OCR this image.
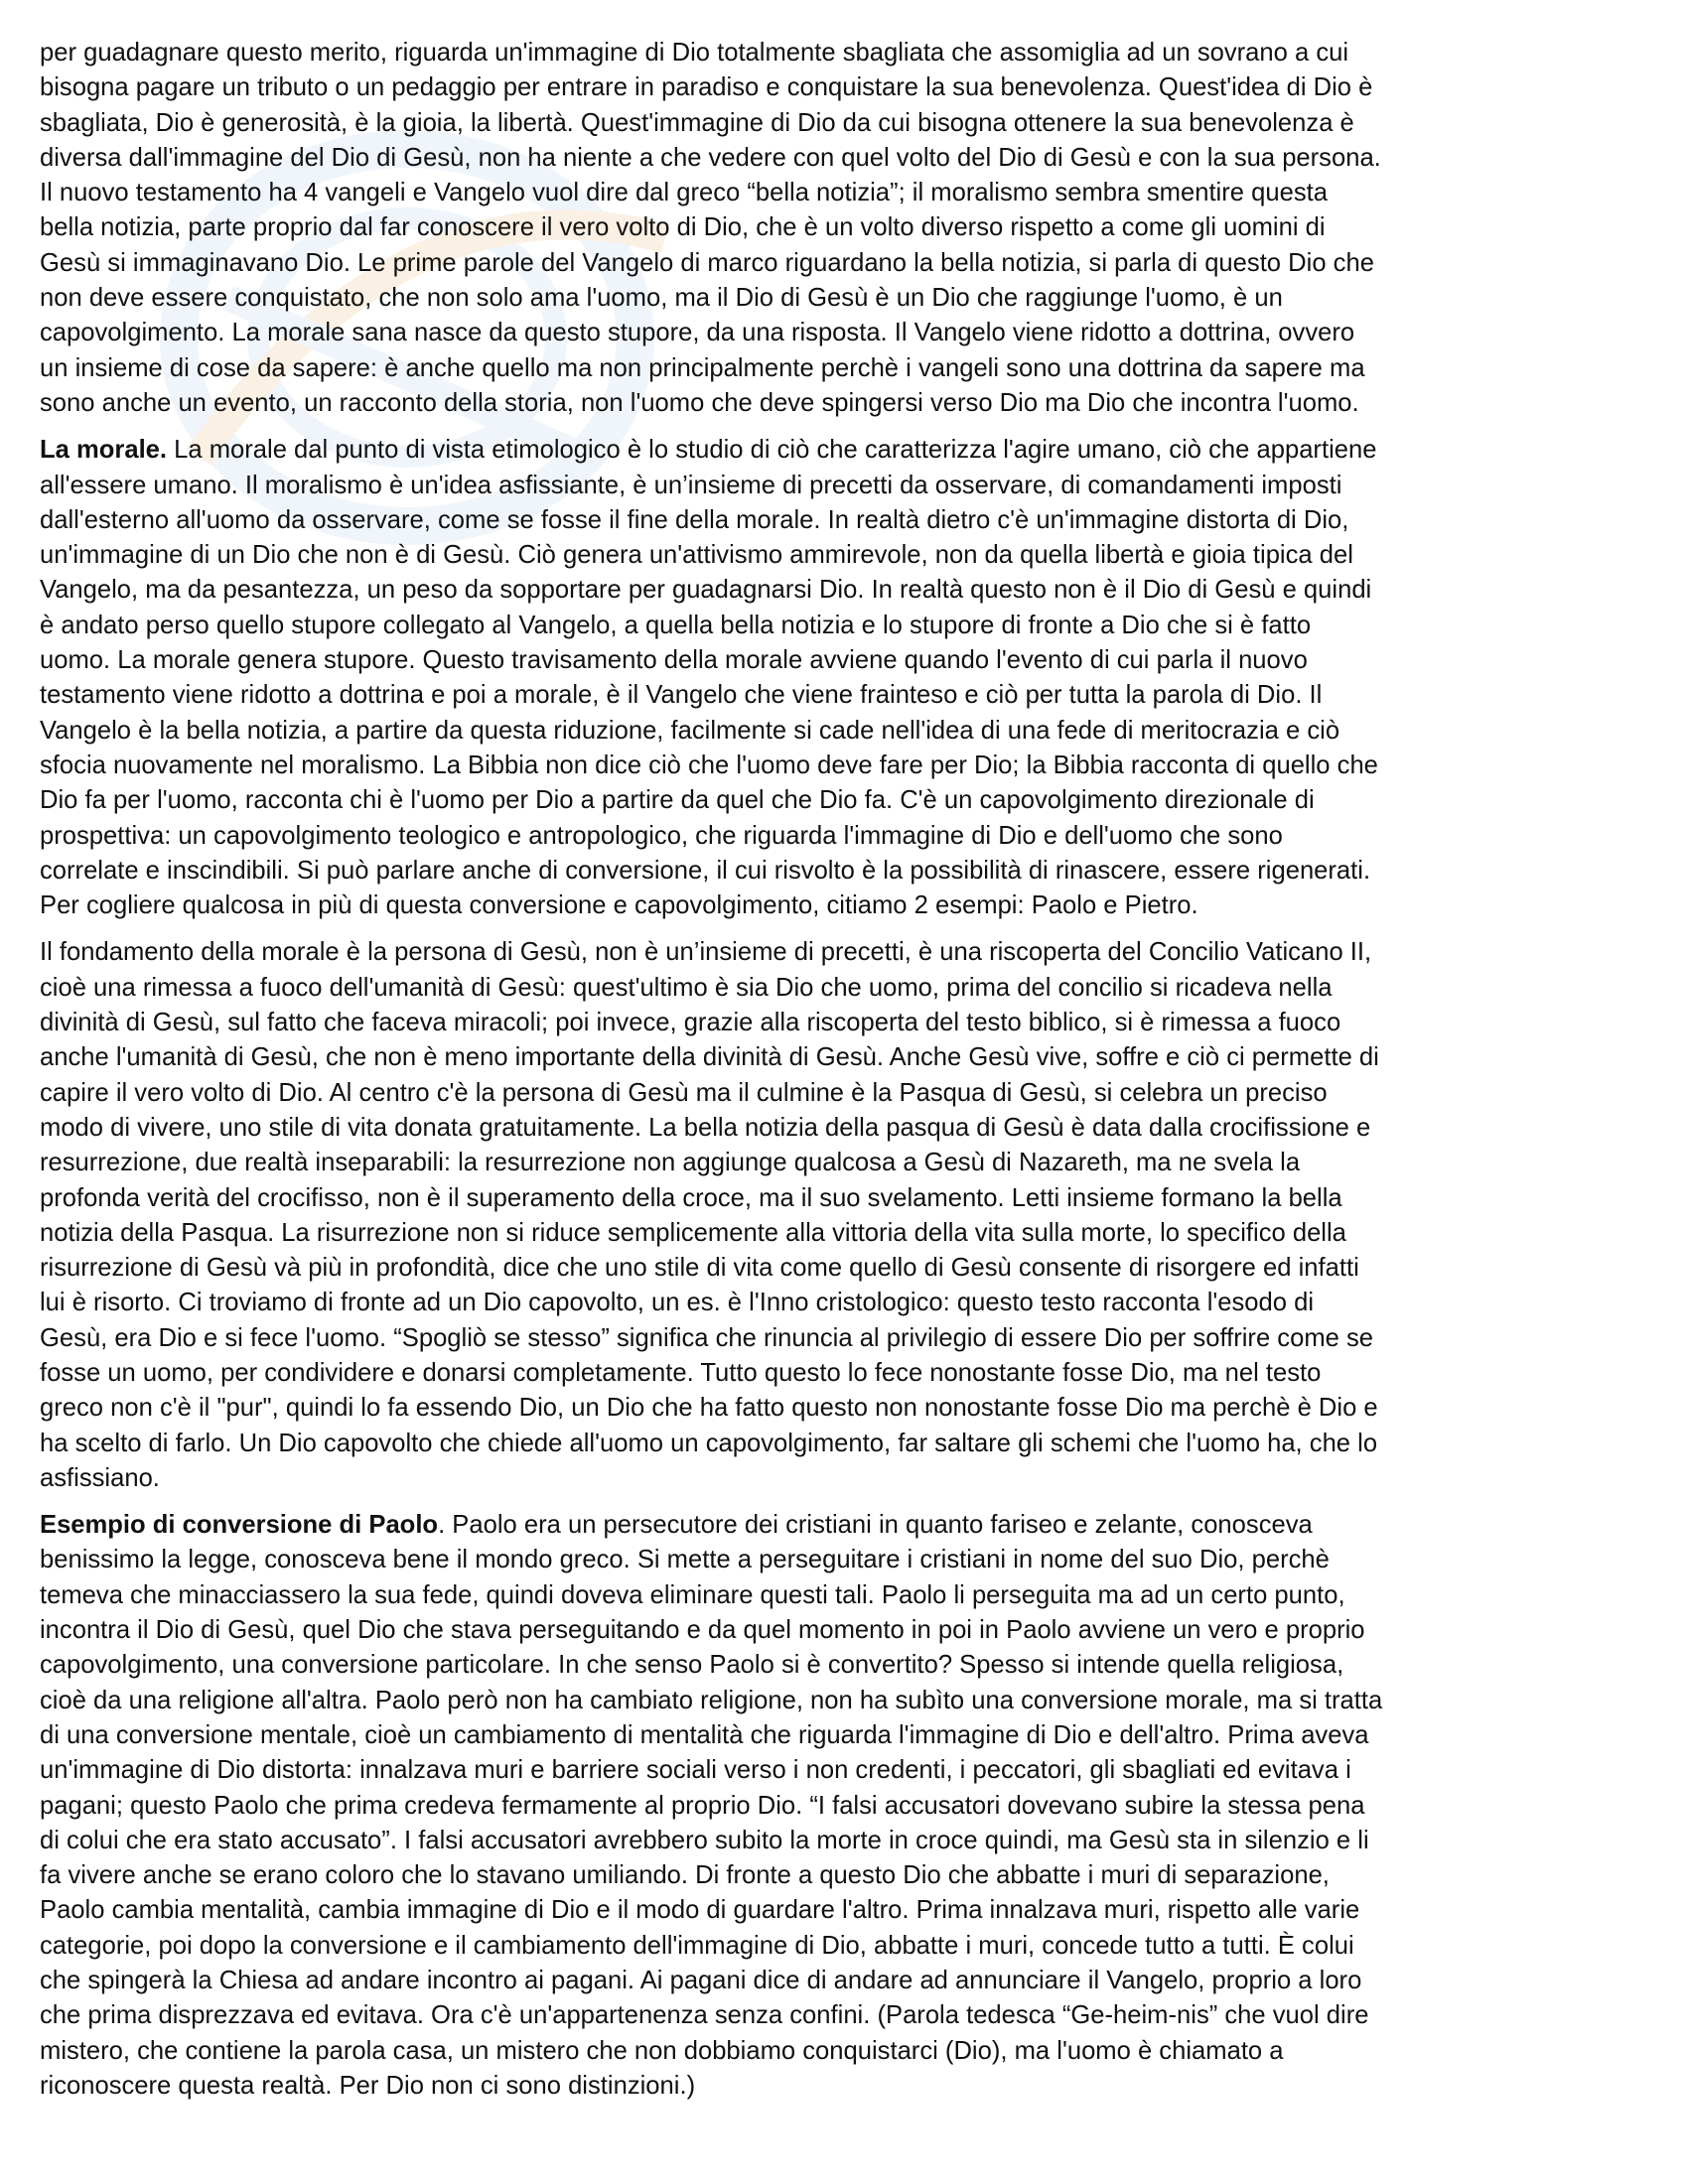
per guadagnare questo merito, riguarda un'immagine di Dio totalmente sbagliata che assomiglia ad un sovrano a cui
bisogna pagare un tributo o un pedaggio per entrare in paradiso e conquistare la sua benevolenza. Quest'idea di Dio è
sbagliata, Dio è generosità, è la gioia, la libertà. Quest'immagine di Dio da cui bisogna ottenere la sua benevolenza è
diversa dall'immagine del Dio di Gesù, non ha niente a che vedere con quel volto del Dio di Gesù e con la sua persona.
Il nuovo testamento ha 4 vangeli e Vangelo vuol dire dal greco “bella notizia”; il moralismo sembra smentire questa
bella notizia, parte proprio dal far conoscere il vero volto di Dio, che è un volto diverso rispetto a come gli uomini di
Gesù si immaginavano Dio. Le prime parole del Vangelo di marco riguardano la bella notizia, si parla di questo Dio che
non deve essere conquistato, che non solo ama l'uomo, ma il Dio di Gesù è un Dio che raggiunge l'uomo, è un
capovolgimento. La morale sana nasce da questo stupore, da una risposta. Il Vangelo viene ridotto a dottrina, ovvero
un insieme di cose da sapere: è anche quello ma non principalmente perchè i vangeli sono una dottrina da sapere ma
sono anche un evento, un racconto della storia, non l'uomo che deve spingersi verso Dio ma Dio che incontra l'uomo.

La morale. La morale dal punto di vista etimologico è lo studio di ciò che caratterizza l'agire umano, ciò che appartiene
all'essere umano. Il moralismo è un'idea asfissiante, è un’insieme di precetti da osservare, di comandamenti imposti
dall'esterno all'uomo da osservare, come se fosse il fine della morale. In realtà dietro c'è un'immagine distorta di Dio,
un'immagine di un Dio che non è di Gesù. Ciò genera un'attivismo ammirevole, non da quella libertà e gioia tipica del
Vangelo, ma da pesantezza, un peso da sopportare per guadagnarsi Dio. In realtà questo non è il Dio di Gesù e quindi
è andato perso quello stupore collegato al Vangelo, a quella bella notizia e lo stupore di fronte a Dio che si è fatto
uomo. La morale genera stupore. Questo travisamento della morale avviene quando l'evento di cui parla il nuovo
testamento viene ridotto a dottrina e poi a morale, è il Vangelo che viene frainteso e ciò per tutta la parola di Dio. Il
Vangelo è la bella notizia, a partire da questa riduzione, facilmente si cade nell'idea di una fede di meritocrazia e ciò
sfocia nuovamente nel moralismo. La Bibbia non dice ciò che l'uomo deve fare per Dio; la Bibbia racconta di quello che
Dio fa per l'uomo, racconta chi è l'uomo per Dio a partire da quel che Dio fa. C'è un capovolgimento direzionale di
prospettiva: un capovolgimento teologico e antropologico, che riguarda l'immagine di Dio e dell'uomo che sono
correlate e inscindibili. Si può parlare anche di conversione, il cui risvolto è la possibilità di rinascere, essere rigenerati.
Per cogliere qualcosa in più di questa conversione e capovolgimento, citiamo 2 esempi: Paolo e Pietro.

Il fondamento della morale è la persona di Gesù, non è un’insieme di precetti, è una riscoperta del Concilio Vaticano II,
cioè una rimessa a fuoco dell'umanità di Gesù: quest'ultimo è sia Dio che uomo, prima del concilio si ricadeva nella
divinità di Gesù, sul fatto che faceva miracoli; poi invece, grazie alla riscoperta del testo biblico, si è rimessa a fuoco
anche l'umanità di Gesù, che non è meno importante della divinità di Gesù. Anche Gesù vive, soffre e ciò ci permette di
capire il vero volto di Dio. Al centro c'è la persona di Gesù ma il culmine è la Pasqua di Gesù, si celebra un preciso
modo di vivere, uno stile di vita donata gratuitamente. La bella notizia della pasqua di Gesù è data dalla crocifissione e
resurrezione, due realtà inseparabili: la resurrezione non aggiunge qualcosa a Gesù di Nazareth, ma ne svela la
profonda verità del crocifisso, non è il superamento della croce, ma il suo svelamento. Letti insieme formano la bella
notizia della Pasqua. La risurrezione non si riduce semplicemente alla vittoria della vita sulla morte, lo specifico della
risurrezione di Gesù và più in profondità, dice che uno stile di vita come quello di Gesù consente di risorgere ed infatti
lui è risorto. Ci troviamo di fronte ad un Dio capovolto, un es. è l'Inno cristologico: questo testo racconta l'esodo di
Gesù, era Dio e si fece l'uomo. “Spogliò se stesso” significa che rinuncia al privilegio di essere Dio per soffrire come se
fosse un uomo, per condividere e donarsi completamente. Tutto questo lo fece nonostante fosse Dio, ma nel testo
greco non c'è il "pur", quindi lo fa essendo Dio, un Dio che ha fatto questo non nonostante fosse Dio ma perchè è Dio e
ha scelto di farlo. Un Dio capovolto che chiede all'uomo un capovolgimento, far saltare gli schemi che l'uomo ha, che lo
asfissiano.

Esempio di conversione di Paolo. Paolo era un persecutore dei cristiani in quanto fariseo e zelante, conosceva
benissimo la legge, conosceva bene il mondo greco. Si mette a perseguitare i cristiani in nome del suo Dio, perchè
temeva che minacciassero la sua fede, quindi doveva eliminare questi tali. Paolo li perseguita ma ad un certo punto,
incontra il Dio di Gesù, quel Dio che stava perseguitando e da quel momento in poi in Paolo avviene un vero e proprio
capovolgimento, una conversione particolare. In che senso Paolo si è convertito? Spesso si intende quella religiosa,
cioè da una religione all'altra. Paolo però non ha cambiato religione, non ha subìto una conversione morale, ma si tratta
di una conversione mentale, cioè un cambiamento di mentalità che riguarda l'immagine di Dio e dell'altro. Prima aveva
un'immagine di Dio distorta: innalzava muri e barriere sociali verso i non credenti, i peccatori, gli sbagliati ed evitava i
pagani; questo Paolo che prima credeva fermamente al proprio Dio. “I falsi accusatori dovevano subire la stessa pena
di colui che era stato accusato”. I falsi accusatori avrebbero subito la morte in croce quindi, ma Gesù sta in silenzio e li
fa vivere anche se erano coloro che lo stavano umiliando. Di fronte a questo Dio che abbatte i muri di separazione,
Paolo cambia mentalità, cambia immagine di Dio e il modo di guardare l'altro. Prima innalzava muri, rispetto alle varie
categorie, poi dopo la conversione e il cambiamento dell'immagine di Dio, abbatte i muri, concede tutto a tutti. È colui
che spingerà la Chiesa ad andare incontro ai pagani. Ai pagani dice di andare ad annunciare il Vangelo, proprio a loro
che prima disprezzava ed evitava. Ora c'è un'appartenenza senza confini. (Parola tedesca “Ge-heim-nis” che vuol dire
mistero, che contiene la parola casa, un mistero che non dobbiamo conquistarci (Dio), ma l'uomo è chiamato a
riconoscere questa realtà. Per Dio non ci sono distinzioni.)
